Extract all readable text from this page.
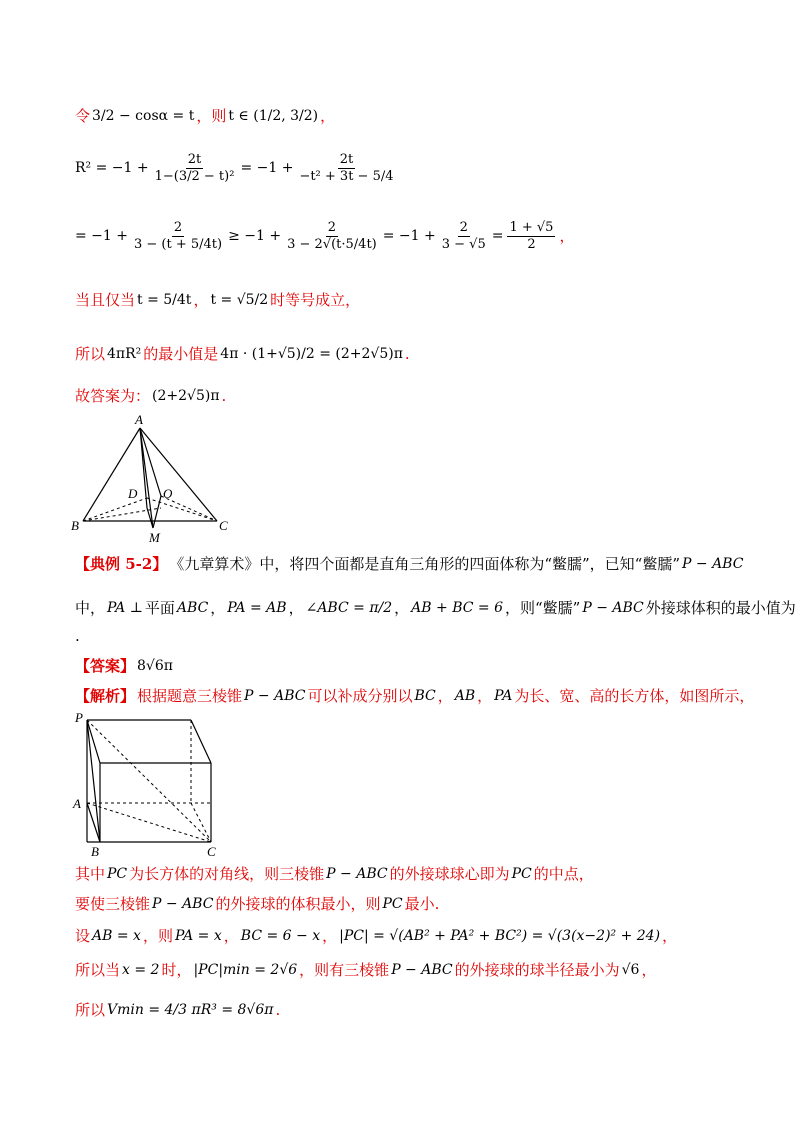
令 3/2 − cosα = t ，则 t ∈ (1/2, 3/2) ，
$R^2 = -1 + \frac{2t}{\text{1−(3/2 − t)²}} = -1 + \frac{2t}{\text{−t² + 3t − 5/4}}$
= $-1 + \frac{2}{3 - (t + 5/4t)} \ge -1 + \frac{2}{3 - 2√(t\cdot 5/4t)} = -1 + \frac{2}{3 - √5} = \frac{1 + √5}{2}$ ，
当且仅当 t = 5/4t ， t = √5/2 时等号成立，
所以 4πR² 的最小值是 4π · (1+√5)/2 = (2+2√5)π .
故答案为： (2+2√5)π .
A
B	C
D O
M
【典例 5-2】 《九章算术》中，将四个面都是直角三角形的四面体称为“鳖臑”，已知“鳖臑” P − ABC
中， PA ⊥ 平面 ABC ， PA = AB ， ∠ABC = π/2 ， AB + BC = 6 ，则“鳖臑” P − ABC 外接球体积的最小值为
.
【答案】 8√6π
【解析】 根据题意三棱锥 P − ABC 可以补成分别以 BC ， AB ， PA 为长、宽、高的长方体，如图所示，
P
A
B	C
其中 PC 为长方体的对角线，则三棱锥 P − ABC 的外接球球心即为 PC 的中点，
要使三棱锥 P − ABC 的外接球的体积最小，则 PC 最小.
设 AB = x ，则 PA = x ， BC = 6 − x ， |PC| = √(AB² + PA² + BC²) = √(3(x−2)² + 24) ，
所以当 x = 2 时， |PC|min = 2√6 ，则有三棱锥 P − ABC 的外接球的球半径最小为 √6 ，
所以 Vmin = 4/3 πR³ = 8√6π .
